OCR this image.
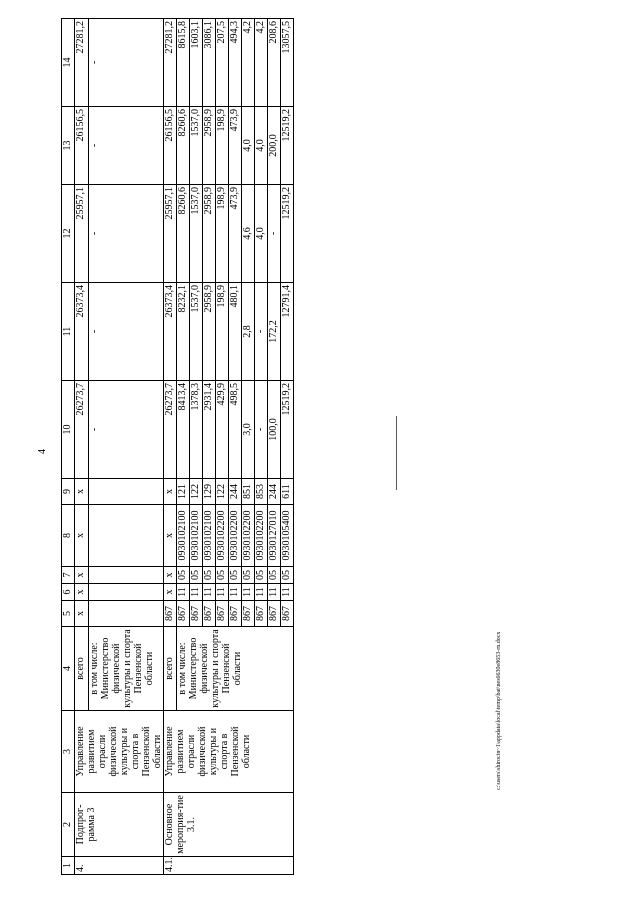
4
c:\users\shirocin~1\appdata\local\temp\bat\nes6630e8653-rn.docx
1	2	3	4	5	6	7	8	9	10	11	12	13	14
4.	Подпрог-рамма 3	Управление развитием отрасли физической культуры и спорта в Пензенской области	всего	x	x	x	x	x	26273,7	26373,4	25957,1	26156,5	27281,2
			в том числе: Министерство физической культуры и спорта Пензенской области						-	-	-	-	-
4.1.	Основное мероприя-тие 3.1.	Управление развитием отрасли физической культуры и спорта в Пензенской области	всего	867	x	x	x	x	26273,7	26373,4	25957,1	26156,5	27281,2
			в том числе: Министерство физической культуры и спорта Пензенской области	867	11	05	0930102100	121	8413,4	8232,1	8260,6	8260,6	8615,8
				867	11	05	0930102100	122	1378,3	1537,0	1537,0	1537,0	1603,1
				867	11	05	0930102100	129	2931,4	2958,9	2958,9	2958,9	3086,1
				867	11	05	0930102200	122	429,9	198,9	198,9	198,9	207,5
				867	11	05	0930102200	244	498,5	480,1	473,9	473,9	494,3
				867	11	05	0930102200	851	3,0	2,8	4,6	4,0	4,2
				867	11	05	0930102200	853	-	-	4,0	4,0	4,2
				867	11	05	0930127010	244	100,0	172,2	-	200,0	208,6
				867	11	05	0930105400	611	12519,2	12791,4	12519,2	12519,2	13057,5
